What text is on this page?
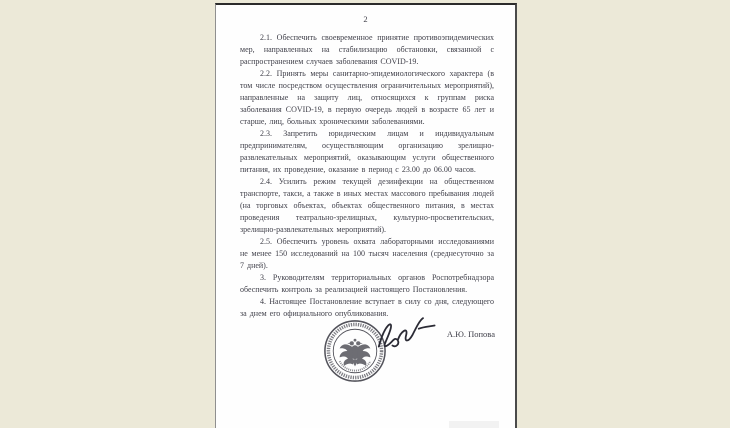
2

2.1. Обеспечить своевременное принятие противоэпидемических мер, направленных на стабилизацию обстановки, связанной с распространением случаев заболевания COVID-19.

2.2. Принять меры санитарно-эпидемиологического характера (в том числе посредством осуществления ограничительных мероприятий), направленные на защиту лиц, относящихся к группам риска заболевания COVID-19, в первую очередь людей в возрасте 65 лет и старше, лиц, больных хроническими заболеваниями.

2.3. Запретить юридическим лицам и индивидуальным предпринимателям, осуществляющим организацию зрелищно-развлекательных мероприятий, оказывающим услуги общественного питания, их проведение, оказание в период с 23.00 до 06.00 часов.

2.4. Усилить режим текущей дезинфекции на общественном транспорте, такси, а также в иных местах массового пребывания людей (на торговых объектах, объектах общественного питания, в местах проведения театрально-зрелищных, культурно-просветительских, зрелищно-развлекательных мероприятий).

2.5. Обеспечить уровень охвата лабораторными исследованиями не менее 150 исследований на 100 тысяч населения (среднесуточно за 7 дней).

3. Руководителям территориальных органов Роспотребнадзора обеспечить контроль за реализацией настоящего Постановления.

4. Настоящее Постановление вступает в силу со дня, следующего за днем его официального опубликования.

А.Ю. Попова
